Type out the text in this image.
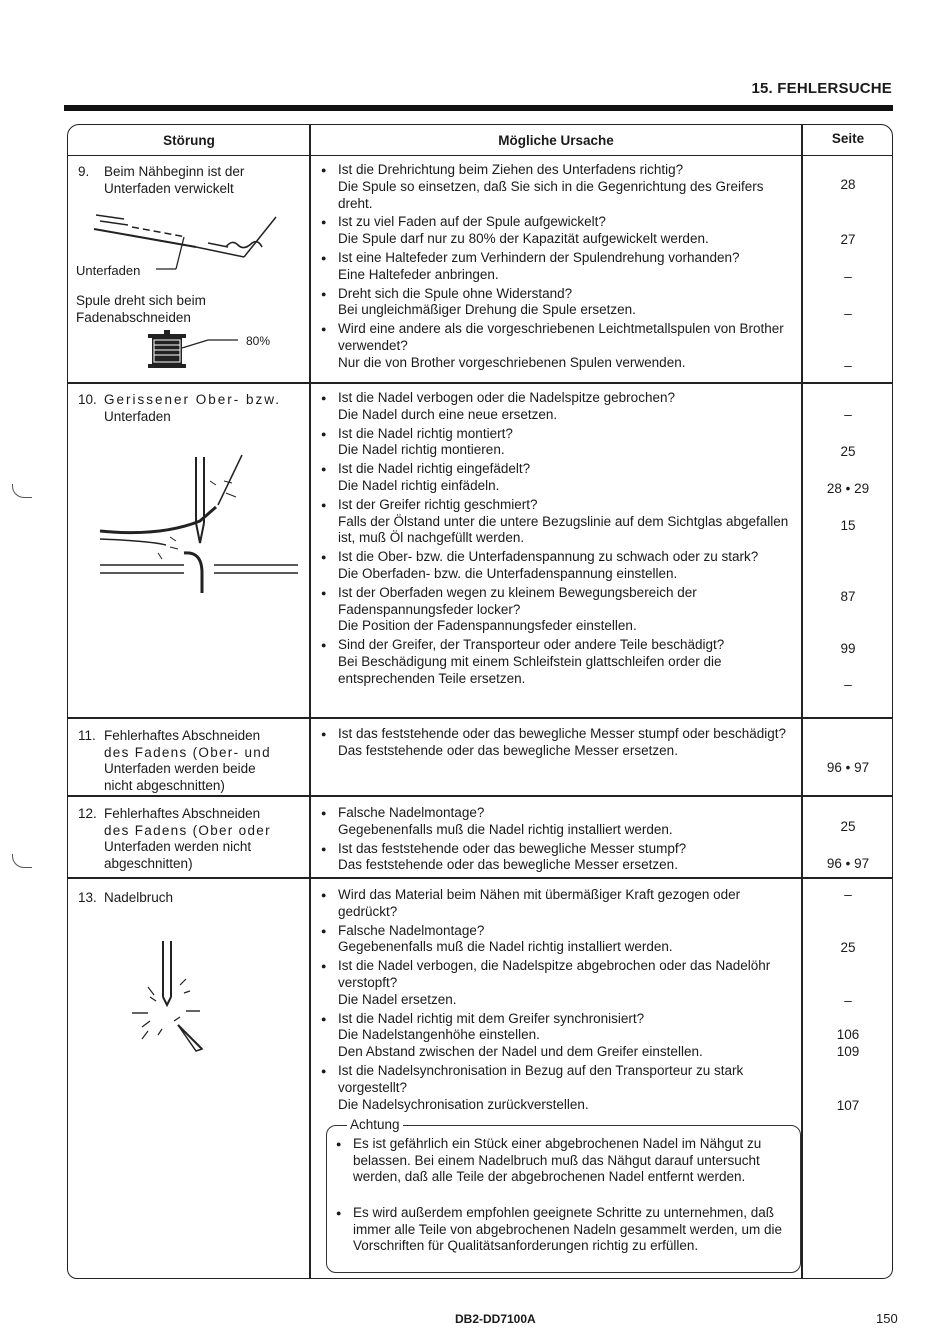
15. FEHLERSUCHE
Störung	Mögliche Ursache	Seite
9. Beim Nähbeginn ist der
Unterfaden verwickelt
Unterfaden
Spule dreht sich beim
Fadenabschneiden
80%
● Ist die Drehrichtung beim Ziehen des Unterfadens richtig?
Die Spule so einsetzen, daß Sie sich in die Gegenrichtung des Greifers dreht.
● Ist zu viel Faden auf der Spule aufgewickelt?
Die Spule darf nur zu 80% der Kapazität aufgewickelt werden.
● Ist eine Haltefeder zum Verhindern der Spulendrehung vorhanden?
Eine Haltefeder anbringen.
● Dreht sich die Spule ohne Widerstand?
Bei ungleichmäßiger Drehung die Spule ersetzen.
● Wird eine andere als die vorgeschriebenen Leichtmetallspulen von Brother verwendet?
Nur die von Brother vorgeschriebenen Spulen verwenden.
28
27
–
–
–
10. Gerissener Ober- bzw.
Unterfaden
● Ist die Nadel verbogen oder die Nadelspitze gebrochen?
Die Nadel durch eine neue ersetzen.
● Ist die Nadel richtig montiert?
Die Nadel richtig montieren.
● Ist die Nadel richtig eingefädelt?
Die Nadel richtig einfädeln.
● Ist der Greifer richtig geschmiert?
Falls der Ölstand unter die untere Bezugslinie auf dem Sichtglas abgefallen ist, muß Öl nachgefüllt werden.
● Ist die Ober- bzw. die Unterfadenspannung zu schwach oder zu stark?
Die Oberfaden- bzw. die Unterfadenspannung einstellen.
● Ist der Oberfaden wegen zu kleinem Bewegungsbereich der Fadenspannungsfeder locker?
Die Position der Fadenspannungsfeder einstellen.
● Sind der Greifer, der Transporteur oder andere Teile beschädigt?
Bei Beschädigung mit einem Schleifstein glattschleifen order die entsprechenden Teile ersetzen.
–
25
28 • 29
15
87
99
–
11. Fehlerhaftes Abschneiden
des Fadens (Ober- und
Unterfaden werden beide
nicht abgeschnitten)
● Ist das feststehende oder das bewegliche Messer stumpf oder beschädigt?
Das feststehende oder das bewegliche Messer ersetzen.
96 • 97
12. Fehlerhaftes Abschneiden
des Fadens (Ober oder
Unterfaden werden nicht
abgeschnitten)
● Falsche Nadelmontage?
Gegebenenfalls muß die Nadel richtig installiert werden.
● Ist das feststehende oder das bewegliche Messer stumpf?
Das feststehende oder das bewegliche Messer ersetzen.
25
96 • 97
13. Nadelbruch
●	Wird das Material beim Nähen mit übermäßiger Kraft gezogen oder gedrückt?
● Falsche Nadelmontage?
Gegebenenfalls muß die Nadel richtig installiert werden.
● Ist die Nadel verbogen, die Nadelspitze abgebrochen oder das Nadelöhr verstopft?
Die Nadel ersetzen.
● Ist die Nadel richtig mit dem Greifer synchronisiert?
Die Nadelstangenhöhe einstellen.
Den Abstand zwischen der Nadel und dem Greifer einstellen.
● Ist die Nadelsynchronisation in Bezug auf den Transporteur zu stark vorgestellt?
Die Nadelsychronisation zurückverstellen.
–
25
–
106
109
107
Achtung
● Es ist gefährlich ein Stück einer abgebrochenen Nadel im Nähgut zu belassen. Bei einem Nadelbruch muß das Nähgut darauf untersucht werden, daß alle Teile der abgebrochenen Nadel entfernt werden.
● Es wird außerdem empfohlen geeignete Schritte zu unternehmen, daß immer alle Teile von abgebrochenen Nadeln gesammelt werden, um die Vorschriften für Qualitätsanforderungen richtig zu erfüllen.
DB2-DD7100A	150
